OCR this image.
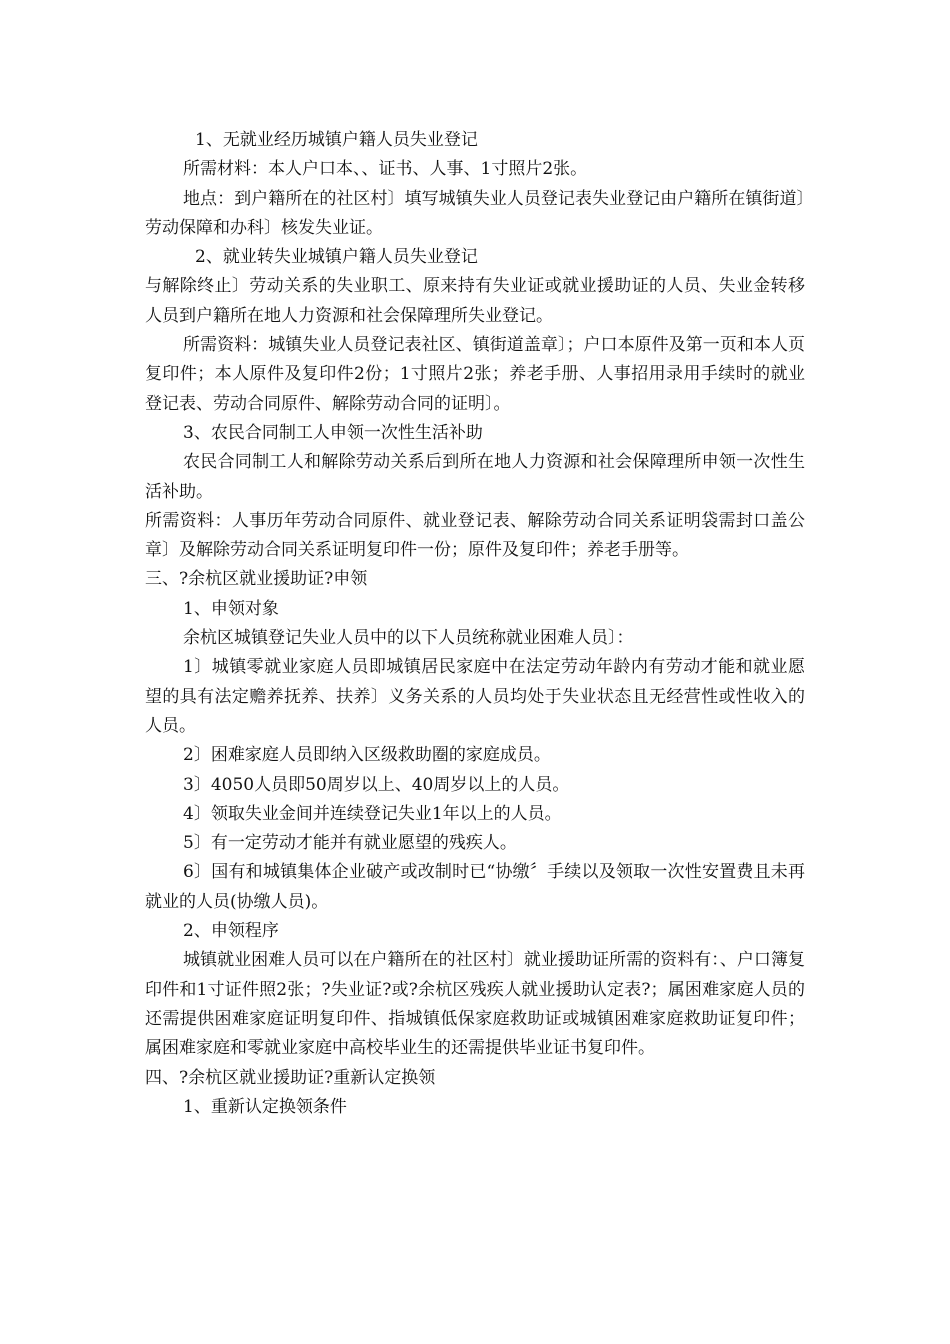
1、无就业经历城镇户籍人员失业登记

所需材料：本人户口本、、证书、人事、1寸照片2张。

地点：到户籍所在的社区村〕填写城镇失业人员登记表失业登记由户籍所在镇街道〕劳动保障和办科〕核发失业证。

2、就业转失业城镇户籍人员失业登记

与解除终止〕劳动关系的失业职工、原来持有失业证或就业援助证的人员、失业金转移人员到户籍所在地人力资源和社会保障理所失业登记。

所需资料：城镇失业人员登记表社区、镇街道盖章〕；户口本原件及第一页和本人页复印件；本人原件及复印件2份；1寸照片2张；养老手册、人事招用录用手续时的就业登记表、劳动合同原件、解除劳动合同的证明〕。

3、农民合同制工人申领一次性生活补助

农民合同制工人和解除劳动关系后到所在地人力资源和社会保障理所申领一次性生活补助。

所需资料：人事历年劳动合同原件、就业登记表、解除劳动合同关系证明袋需封口盖公章〕及解除劳动合同关系证明复印件一份；原件及复印件；养老手册等。

三、?余杭区就业援助证?申领

1、申领对象

余杭区城镇登记失业人员中的以下人员统称就业困难人员〕：

1〕城镇零就业家庭人员即城镇居民家庭中在法定劳动年龄内有劳动才能和就业愿望的具有法定赡养抚养、扶养〕义务关系的人员均处于失业状态且无经营性或性收入的人员。

2〕困难家庭人员即纳入区级救助圈的家庭成员。

3〕4050人员即50周岁以上、40周岁以上的人员。

4〕领取失业金间并连续登记失业1年以上的人员。

5〕有一定劳动才能并有就业愿望的残疾人。

6〕国有和城镇集体企业破产或改制时已“协缴〞手续以及领取一次性安置费且未再就业的人员(协缴人员)。

2、申领程序

城镇就业困难人员可以在户籍所在的社区村〕就业援助证所需的资料有：、户口簿复印件和1寸证件照2张；?失业证?或?余杭区残疾人就业援助认定表?；属困难家庭人员的还需提供困难家庭证明复印件、指城镇低保家庭救助证或城镇困难家庭救助证复印件；属困难家庭和零就业家庭中高校毕业生的还需提供毕业证书复印件。

四、?余杭区就业援助证?重新认定换领

1、重新认定换领条件
